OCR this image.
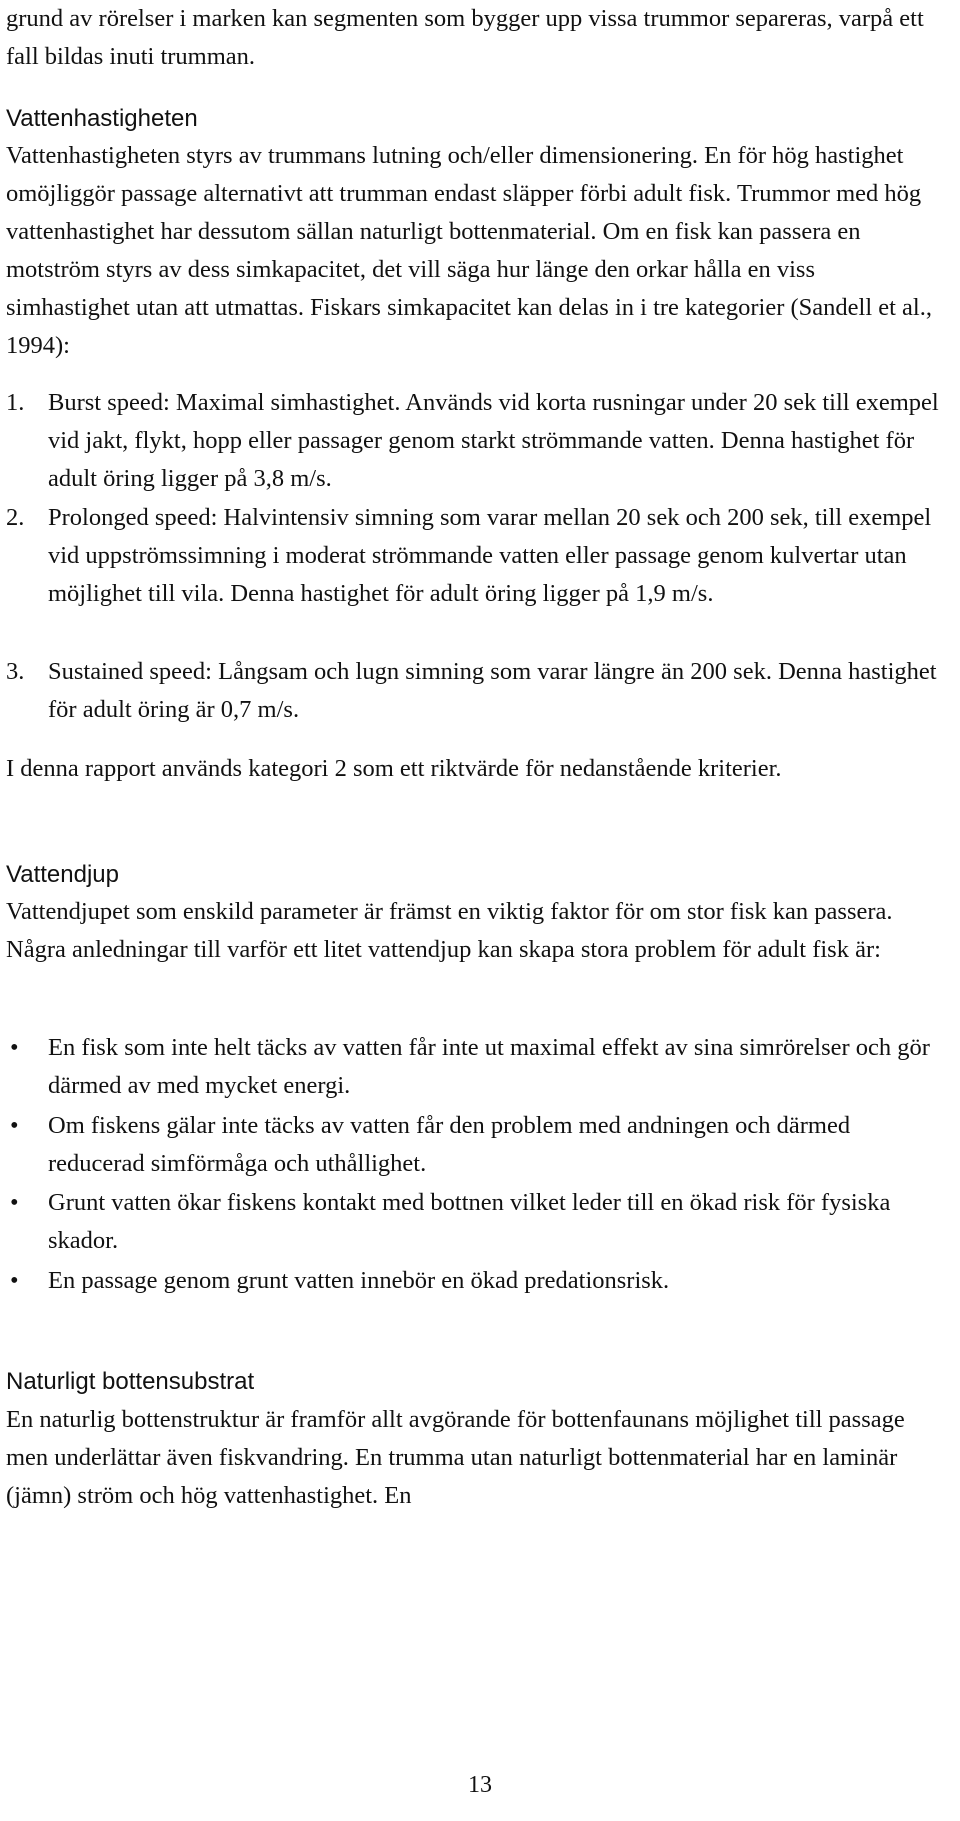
grund av rörelser i marken kan segmenten som bygger upp vissa trummor separeras, varpå ett fall bildas inuti trumman.

Vattenhastigheten

Vattenhastigheten styrs av trummans lutning och/eller dimensionering. En för hög hastighet omöjliggör passage alternativt att trumman endast släpper förbi adult fisk. Trummor med hög vattenhastighet har dessutom sällan naturligt bottenmaterial. Om en fisk kan passera en motström styrs av dess simkapacitet, det vill säga hur länge den orkar hålla en viss simhastighet utan att utmattas. Fiskars simkapacitet kan delas in i tre kategorier (Sandell et al., 1994):

1. Burst speed: Maximal simhastighet. Används vid korta rusningar under 20 sek till exempel vid jakt, flykt, hopp eller passager genom starkt strömmande vatten. Denna hastighet för adult öring ligger på 3,8 m/s.
2. Prolonged speed: Halvintensiv simning som varar mellan 20 sek och 200 sek, till exempel vid uppströmssimning i moderat strömmande vatten eller passage genom kulvertar utan möjlighet till vila. Denna hastighet för adult öring ligger på 1,9 m/s.
3. Sustained speed: Långsam och lugn simning som varar längre än 200 sek. Denna hastighet för adult öring är 0,7 m/s.

I denna rapport används kategori 2 som ett riktvärde för nedanstående kriterier.

Vattendjup

Vattendjupet som enskild parameter är främst en viktig faktor för om stor fisk kan passera. Några anledningar till varför ett litet vattendjup kan skapa stora problem för adult fisk är:

• En fisk som inte helt täcks av vatten får inte ut maximal effekt av sina simrörelser och gör därmed av med mycket energi.
• Om fiskens gälar inte täcks av vatten får den problem med andningen och därmed reducerad simförmåga och uthållighet.
• Grunt vatten ökar fiskens kontakt med bottnen vilket leder till en ökad risk för fysiska skador.
• En passage genom grunt vatten innebör en ökad predationsrisk.
Naturligt bottensubstrat

En naturlig bottenstruktur är framför allt avgörande för bottenfaunans möjlighet till passage men underlättar även fiskvandring. En trumma utan naturligt bottenmaterial har en laminär (jämn) ström och hög vattenhastighet. En

13
